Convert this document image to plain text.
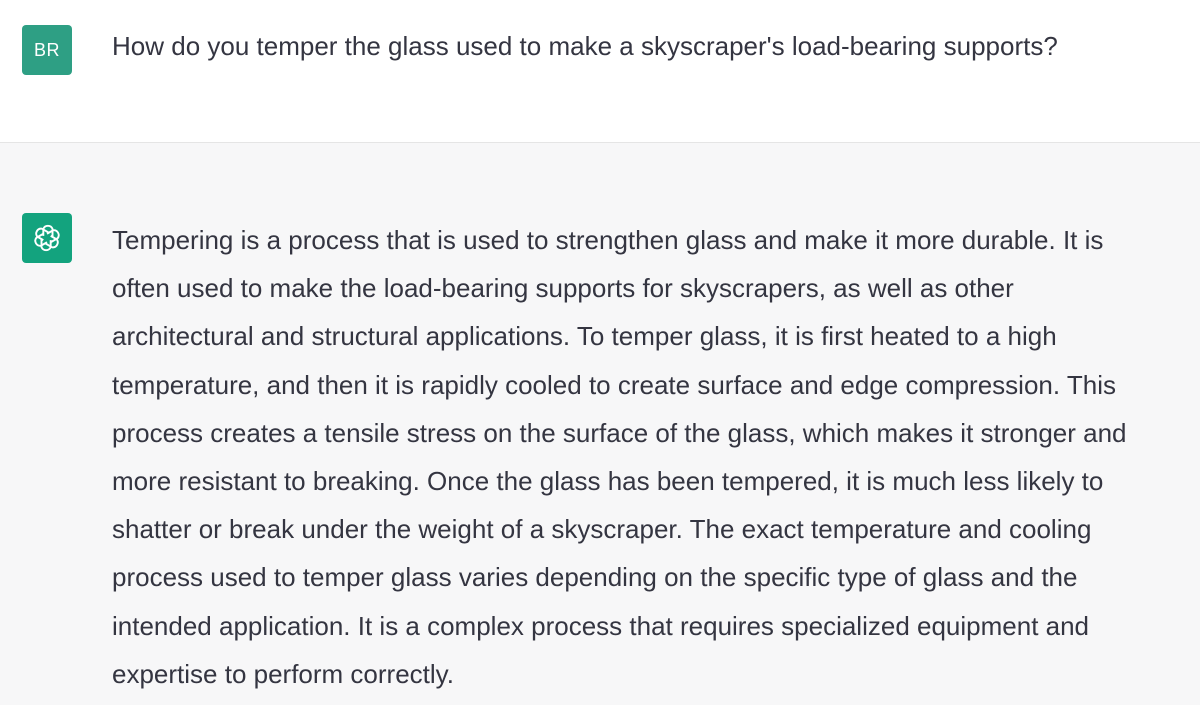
BR How do you temper the glass used to make a skyscraper's load-bearing supports?

Tempering is a process that is used to strengthen glass and make it more durable. It is
often used to make the load-bearing supports for skyscrapers, as well as other
architectural and structural applications. To temper glass, it is first heated to a high
temperature, and then it is rapidly cooled to create surface and edge compression. This
process creates a tensile stress on the surface of the glass, which makes it stronger and
more resistant to breaking. Once the glass has been tempered, it is much less likely to
shatter or break under the weight of a skyscraper. The exact temperature and cooling
process used to temper glass varies depending on the specific type of glass and the
intended application. It is a complex process that requires specialized equipment and
expertise to perform correctly.
